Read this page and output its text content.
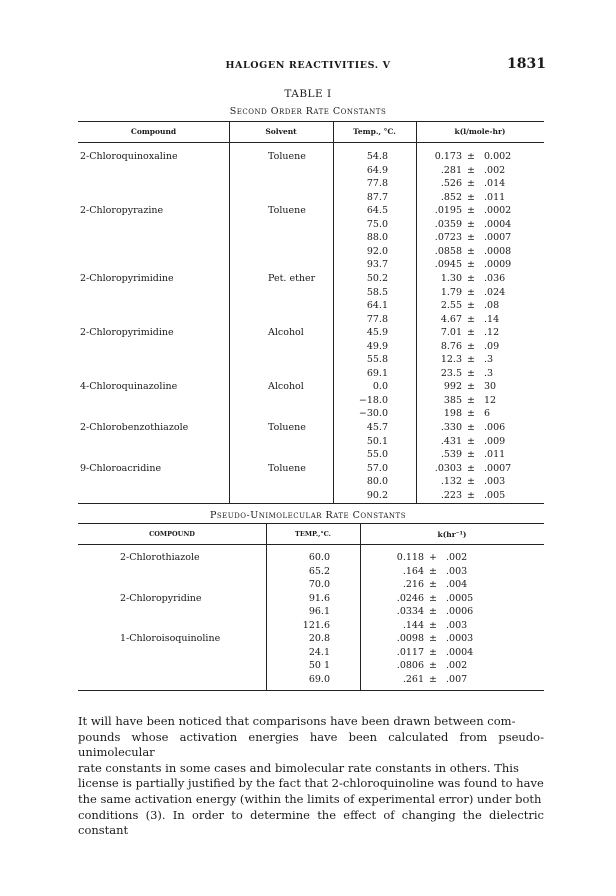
HALOGEN REACTIVITIES. V	1831
TABLE I
Second Order Rate Constants
Compound	Solvent	Temp., °C.	k(l/mole-hr)
2-Chloroquinoxaline	Toluene	54.8	0.173 ± 0.002
64.9	.281 ± .002
77.8	.526 ± .014
87.7	.852 ± .011
2-Chloropyrazine	Toluene	64.5	.0195 ± .0002
75.0	.0359 ± .0004
88.0	.0723 ± .0007
92.0	.0858 ± .0008
93.7	.0945 ± .0009
2-Chloropyrimidine	Pet. ether	50.2	1.30 ± .036
58.5	1.79 ± .024
64.1	2.55 ± .08
77.8	4.67 ± .14
2-Chloropyrimidine	Alcohol	45.9	7.01 ± .12
49.9	8.76 ± .09
55.8	12.3 ± .3
69.1	23.5 ± .3
4-Chloroquinazoline	Alcohol	0.0	992 ± 30
−18.0	385 ± 12
−30.0	198 ± 6
2-Chlorobenzothiazole	Toluene	45.7	.330 ± .006
50.1	.431 ± .009
55.0	.539 ± .011
9-Chloroacridine	Toluene	57.0	.0303 ± .0007
80.0	.132 ± .003
90.2	.223 ± .005
Pseudo-Unimolecular Rate Constants
COMPOUND	TEMP.,°C.	k(hr⁻¹)
2-Chlorothiazole	60.0	0.118 + .002
65.2	.164 ± .003
70.0	.216 ± .004
2-Chloropyridine	91.6	.0246 ± .0005
96.1	.0334 ± .0006
121.6	.144 ± .003
1-Chloroisoquinoline	20.8	.0098 ± .0003
24.1	.0117 ± .0004
50 1	.0806 ± .002
69.0	.261 ± .007
It will have been noticed that comparisons have been drawn between com-
pounds whose activation energies have been calculated from pseudo-unimolecular
rate constants in some cases and bimolecular rate constants in others. This
license is partially justified by the fact that 2-chloroquinoline was found to have
the same activation energy (within the limits of experimental error) under both
conditions (3). In order to determine the effect of changing the dielectric constant
